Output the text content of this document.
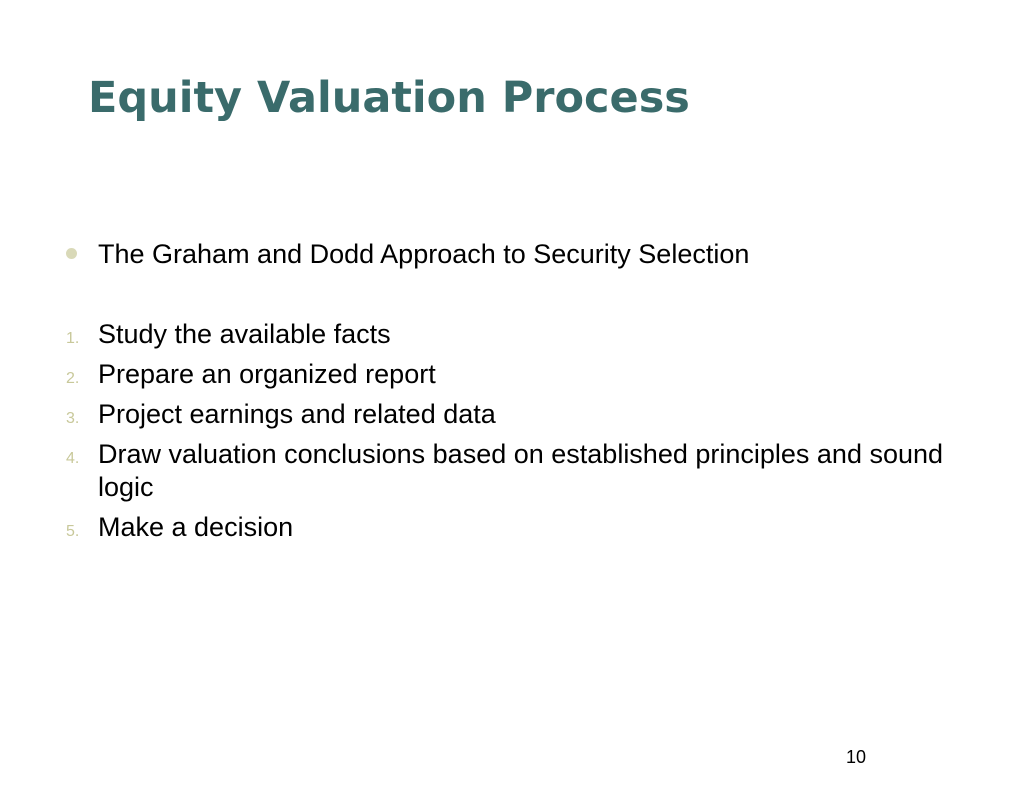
Equity Valuation Process
The Graham and Dodd Approach to Security Selection
1. Study the available facts
2. Prepare an organized report
3. Project earnings and related data
4. Draw valuation conclusions based on established principles and sound logic
5. Make a decision
10
